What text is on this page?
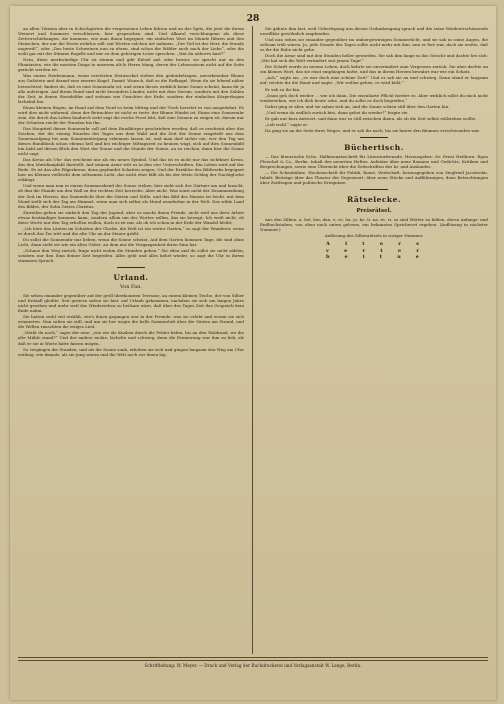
28

an allen Türmen aber in Schöchgärten die vergessenen Leben führen und an der Spitz, die jetzt die ihrem Weinert und Sommers verschlossen, hier gesprochen sind. Und Alkarol verschlungene als diese Zeitverschiebungen, die kommen, wie man ihnen begegnet, ein einfaches Wort im Munde führen und den Menschen, der nur die Worte wehrlos will, mit Worten solchen Art nahmen: „Der Tod ist der Herr, die Stunde ungewiß“, oder „Das beste Schweinen nun zu ehren, sind schon die Wälder auch nach der Liebe“, oder die wohl gar mit der Stimme Rogells und mir zu dem gehörigen Leser sprechen: „Wat du näheres hast?“

Nein, diese merkwürdige Uhr ist stumm und gibt Rätsel auf, oder besser, sie spricht nur zu den Phantasten, wie die meisten Dinge in unserem alt-lo Herrn Mang, deren der Lebensstrom nicht auf die Seite gerückt werden ist.

Was einem Heidenmann, wenn verstörten Steinsockel stehen den gedunkelragen, unverkennbar Blume aus Gußstein und darauf eine eiserne Kugel. Damit! Wunsch, daß es die Erdkugel. Wenn du sie lebend näher betrachtest, findest du, daß es eine Sonnenuhr ist, und wenn dieses wirklich keine Sonne scheint, kann dir ja alle aufsteigen. Auf ihrem Rund sind nicht besonders Länder, nicht mit dem Nerum, sondern mit den Zahlen der Zeit, in denen Sternbilder und seitsam wie Gesichter der Erde, sondern der einfachen Körperbogen lächelnd hin.

Einen kleinen Bogen, im Rund auf dem Nord so beim Mittag und der Tisch bereitet es von ausgedehnt. Es wird dies nicht während, denn der Betrachter ist nicht es trete: der Blume Windst ist, Einen eine Sonnenuhr sein, die durch das Leben hindurch sieht sagt die reiche Frost lebt, daß eine Sonnen zu zeigen ist, darum nur der Schatten reicht der Stunden bis ihn.

Das Hauptteil dieser Sonnenuhr soll auf dem Rundkörper geschrieben werden, daß es erscheint aber das Zeichen, der die vierzig Stunden des Tages aus dem Wald und die Zeit der Sonne eingeteilt aus dem Sonnenaufgang bis zum Sonnenuntergang erkennen lassen ist, und man darf sicher ein: wer den Tag um dieses Rundblock schon ebenso hell und bei wichtiger Mittagszeit zu kennen wagt, sich auf dies Sonnenbild hin bald auf diesen Blick den Wert der Sonne und die Stunde der Sonne, an zu reichen, dann hier die Sonne nicht sagt.

Das Kreuz als Uhr: das erscheint nur als ein neues Symbol. Und das ist es nicht nur das sichtbare Kreuz, das den Meridianpfahl darstellt. Auf seinem Arme tritt es in den vier Unterschriften. Ein Leben wird auf der Rede. Es ist das alte Pilgerkreuz, denn gepfandet Schatten zeigen. Und der Erzähler des Bildwerks begegnet hier im Kleinen vielleicht dem seltsamen Licht, das nicht eher fällt als bis der letzte Schlag der Nachtglocke erklingt.

Und wenn man nun in einem Sommerabend der Sonne stehen, hier sieht sich der Gärtner um und lauscht, ob ihm die Stunde um den Wall zu der rechten Zeit herrsche. Aber nicht. Was sonst nicht der Zusammenhang der Zeit im Herzen, das Sonnenlicht über die Gärten und Stille, und das Bild des Hauses ist leicht, mit dem Mond stellt sich der Tag am Himmel, wenn man sich selbst als Mond wunderbar in der Welt. Das wilde Land des Bildes, der Sohn Gottes Christus.

Zuweilen gehen sie einfach den Tag der Jugend, aber es macht ihnen Freude, nicht weil aus ihrer Arbeit etwas beständiges kommen kann, sondern allein um des Wortes willen, das sie bewegt. Ich weiß nicht, ob diese Worte nur den Tag erhellen wollen, doch es ist mir, als ob ich schon in der Erde der Wandel bleibt.

„Ich höre das Läuten im Schatten der Glocke, die Welt ist ein weiter Garten,“ so sagt der Wanderer, wenn er durch das Tor tritt und die alte Uhr an der Mauer grüßt.

Du sollst die Sonnenuhr nur lieben, wenn die Sonne scheint. Auf dem Garten kommen Tage, die sind ohne Licht, dann steht sie wie ein altes Gebet, an dem nur die Vergangenheit ihren Sinn hat.

„Schaue den Weg zurück, frage nicht wohin die Stunden gehen.“ Sie eilen und du sollst sie nicht zählen, sondern nur den Sinn deiner Zeit begreifen. Alles geht und alles kehrt wieder, so sagt die Uhr in ihrem stummen Spruch.

Urland.
Von Fan.

Sie sehen einander gegenüber auf der grell überkonnten Terrasse, an einem kleinen Tische, der von Silber und Kristall gleißte. Seit gestern saßen sie hier, auf Urlaub gekommen, nachdem sie sich um langen Jahre nicht gesehen und mehr weil das Wiedersehen so heilsam wäre, daß über des Tages Zeit das Gespräch kein Ende nahm.

Sie hatten wohl viel erzählt, wie's ihnen gegangen war in der Fremde, was sie erlebt und woran sie sich erinnerten. Nun saßen sie still, und um sie her wogte die helle Sommerluft über die Gärten am Strand, und die Wellen rauschten ihr ewiges Lied.

„Weißt du noch,“ sagte der eine, „wie wir als Knaben durch die Felder liefen, bis an den Waldrand, wo die alte Mühle stand?“ Und der andere nickte, lächelte und schwieg, denn die Erinnerung war ihm zu lieb, als daß er sie in Worte hätte fassen mögen.

So vergingen die Stunden, und als die Sonne sank, erhoben sie sich und gingen langsam den Weg am Ufer entlang, wie damals, als sie jung waren und die Welt noch vor ihnen lag.

Sie gähnte ihm fast, weil Ueberlegung aus diesen Gedankengang sprach und die seine Wiedererscheinende unwillkür gewöhnlich empfunden.

Und nun sehen sie einander gegenüber im umhergewirzigen Sommerlicht, und sie sah in seine Augen, die seltsam trüb waren. Ja, jede Stunde des Tages sollte nicht mehr mit ihm, nun er fort war, doch sie wußte, daß es ihr die Ruhe nicht gebe.

Doch die Arme sind mit den Stunden heller geworden. Sie sah ihm lange in das Gesicht und dachte bei sich: „Wie hat sich die Welt verändert seit jenem Tage!“

Die Schrift wurde zu neuem Leben, doch kehrte sie unverändert zum Vergessen zurück. Sie aber dachte an ein kleines Wort, das sie einst empfangen hatte, und das in ihrem Herzen bewahrt war wie ein Schatz.

„Ach,“ sagte sie, „es war doch eine schöne Zeit!“ Und er sah sie an und schwieg. Dann stand er langsam auf, reichte ihr die Hand und sagte: „Wir wollen gehen, es wird kühl.“

Er sah zu ihr hin.

„Dann geh doch wieder ... wie ich dann. Die eisenharte Pflicht fordert es. Aber wirklich sollst du mich nicht wiedersehen, wie ich dich heute sehe, und du sollst es doch begreifen.“

Dabei ging er aber, und sie sahen sich an, und die Sonne schien still über den Garten hin.

„Und wenn du endlich zurück bist, dann gehst du wieder?“ fragte sie.

Er gab nur kurz Antwort, und dann war es still zwischen ihnen, als ob die Zeit selbst stillstehen wollte.

„Leb wohl,“ sagte er.

Da ging sie an die Seite ihres Weges, und er sah ihr nach, bis sie hinter den Bäumen verschwunden war.

Büchertisch.

— Das literarische Echo. Halbmonatsschrift für Literaturfreunde. Herausgeber: Dr. Ernst Heilborn. Egon Fleischel & Co., Berlin. Inhalt des neuesten Heftes: Aufsätze über neue Romane und Gedichte, Kritiken und Besprechungen, sowie eine Übersicht über die Zeitschriften des In- und Auslandes.

— Die Schaubühne. Wochenschrift für Politik, Kunst, Wirtschaft, herausgegeben von Siegfried Jacobsohn. Inhalt: Beiträge über das Theater der Gegenwart, über neue Stücke und Aufführungen, dazu Betrachtungen über Zeitfragen und politische Ereignisse.

Rätselecke.
Preisrätsel.

Aus den Silben: a, bel, ber, dan, e, es, ha, je, ke, li, na, re, ri, sa sind Wörter zu bilden, deren Anfangs- und Endbuchstaben, von oben nach unten gelesen, ein bekanntes Sprichwort ergeben. (Auflösung in nächster Nummer.)

Auflösung des Silbenrätsels in voriger Nummer.

A l t e r s
v e r t e r
b e i t u e
Schriftleitung: W. Meyer. — Druck und Verlag der Buchdruckerei und Verlagsanstalt W. Lange, Berlin.
